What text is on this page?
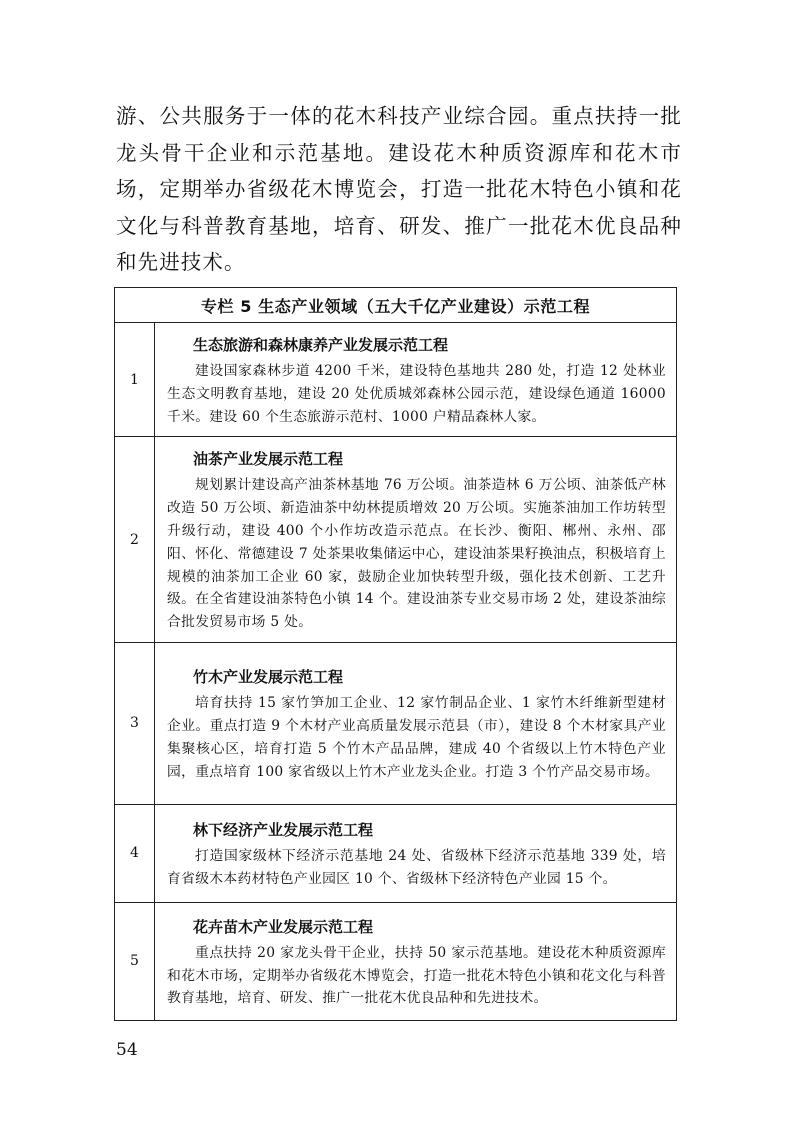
游、公共服务于一体的花木科技产业综合园。重点扶持一批龙头骨干企业和示范基地。建设花木种质资源库和花木市场，定期举办省级花木博览会，打造一批花木特色小镇和花文化与科普教育基地，培育、研发、推广一批花木优良品种和先进技术。

专栏 5 生态产业领域（五大千亿产业建设）示范工程	
1	生态旅游和森林康养产业发展示范工程

建设国家森林步道 4200 千米，建设特色基地共 280 处，打造 12 处林业生态文明教育基地，建设 20 处优质城郊森林公园示范，建设绿色通道 16000 千米。建设 60 个生态旅游示范村、1000 户精品森林人家。

2	油茶产业发展示范工程

规划累计建设高产油茶林基地 76 万公顷。油茶造林 6 万公顷、油茶低产林改造 50 万公顷、新造油茶中幼林提质增效 20 万公顷。实施茶油加工作坊转型升级行动，建设 400 个小作坊改造示范点。在长沙、衡阳、郴州、永州、邵阳、怀化、常德建设 7 处茶果收集储运中心，建设油茶果籽换油点，积极培育上规模的油茶加工企业 60 家，鼓励企业加快转型升级，强化技术创新、工艺升级。在全省建设油茶特色小镇 14 个。建设油茶专业交易市场 2 处，建设茶油综合批发贸易市场 5 处。

3	竹木产业发展示范工程

培育扶持 15 家竹笋加工企业、12 家竹制品企业、1 家竹木纤维新型建材企业。重点打造 9 个木材产业高质量发展示范县（市），建设 8 个木材家具产业集聚核心区，培育打造 5 个竹木产品品牌，建成 40 个省级以上竹木特色产业园，重点培育 100 家省级以上竹木产业龙头企业。打造 3 个竹产品交易市场。

4	林下经济产业发展示范工程

打造国家级林下经济示范基地 24 处、省级林下经济示范基地 339 处，培育省级木本药材特色产业园区 10 个、省级林下经济特色产业园 15 个。

5	花卉苗木产业发展示范工程

重点扶持 20 家龙头骨干企业，扶持 50 家示范基地。建设花木种质资源库和花木市场，定期举办省级花木博览会，打造一批花木特色小镇和花文化与科普教育基地，培育、研发、推广一批花木优良品种和先进技术。

54
